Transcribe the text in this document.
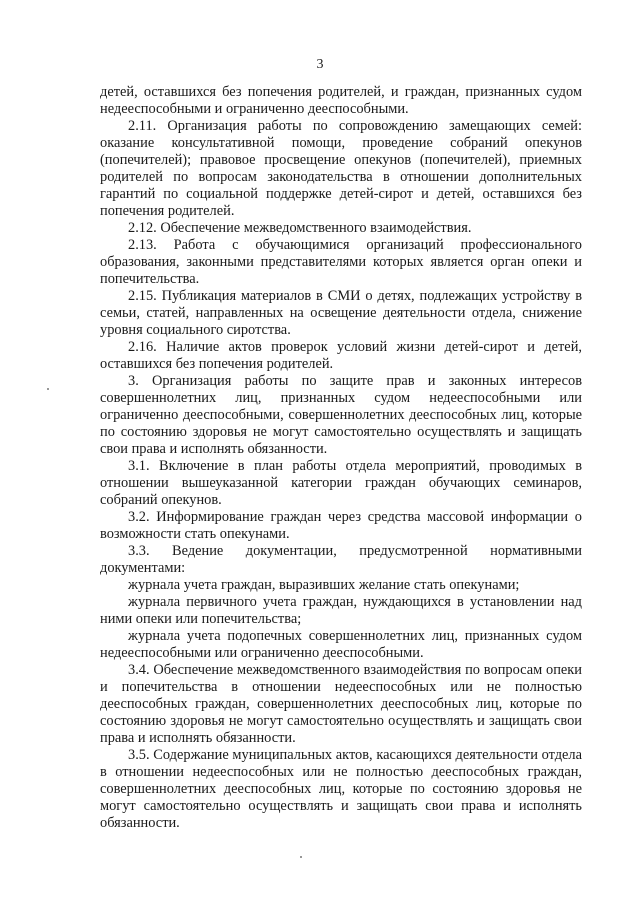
3

детей, оставшихся без попечения родителей, и граждан, признанных судом недееспособными и ограниченно дееспособными.

2.11. Организация работы по сопровождению замещающих семей: оказание консультативной помощи, проведение собраний опекунов (попечителей); правовое просвещение опекунов (попечителей), приемных родителей по вопросам законодательства в отношении дополнительных гарантий по социальной поддержке детей-сирот и детей, оставшихся без попечения родителей.

2.12. Обеспечение межведомственного взаимодействия.

2.13. Работа с обучающимися организаций профессионального образования, законными представителями которых является орган опеки и попечительства.

2.15. Публикация материалов в СМИ о детях, подлежащих устройству в семьи, статей, направленных на освещение деятельности отдела, снижение уровня социального сиротства.

2.16. Наличие актов проверок условий жизни детей-сирот и детей, оставшихся без попечения родителей.

3. Организация работы по защите прав и законных интересов совершеннолетних лиц, признанных судом недееспособными или ограниченно дееспособными, совершеннолетних дееспособных лиц, которые по состоянию здоровья не могут самостоятельно осуществлять и защищать свои права и исполнять обязанности.

3.1. Включение в план работы отдела мероприятий, проводимых в отношении вышеуказанной категории граждан обучающих семинаров, собраний опекунов.

3.2. Информирование граждан через средства массовой информации о возможности стать опекунами.

3.3. Ведение документации, предусмотренной нормативными документами:

журнала учета граждан, выразивших желание стать опекунами;

журнала первичного учета граждан, нуждающихся в установлении над ними опеки или попечительства;

журнала учета подопечных совершеннолетних лиц, признанных судом недееспособными или ограниченно дееспособными.

3.4. Обеспечение межведомственного взаимодействия по вопросам опеки и попечительства в отношении недееспособных или не полностью дееспособных граждан, совершеннолетних дееспособных лиц, которые по состоянию здоровья не могут самостоятельно осуществлять и защищать свои права и исполнять обязанности.

3.5. Содержание муниципальных актов, касающихся деятельности отдела в отношении недееспособных или не полностью дееспособных граждан, совершеннолетних дееспособных лиц, которые по состоянию здоровья не могут самостоятельно осуществлять и защищать свои права и исполнять обязанности.
